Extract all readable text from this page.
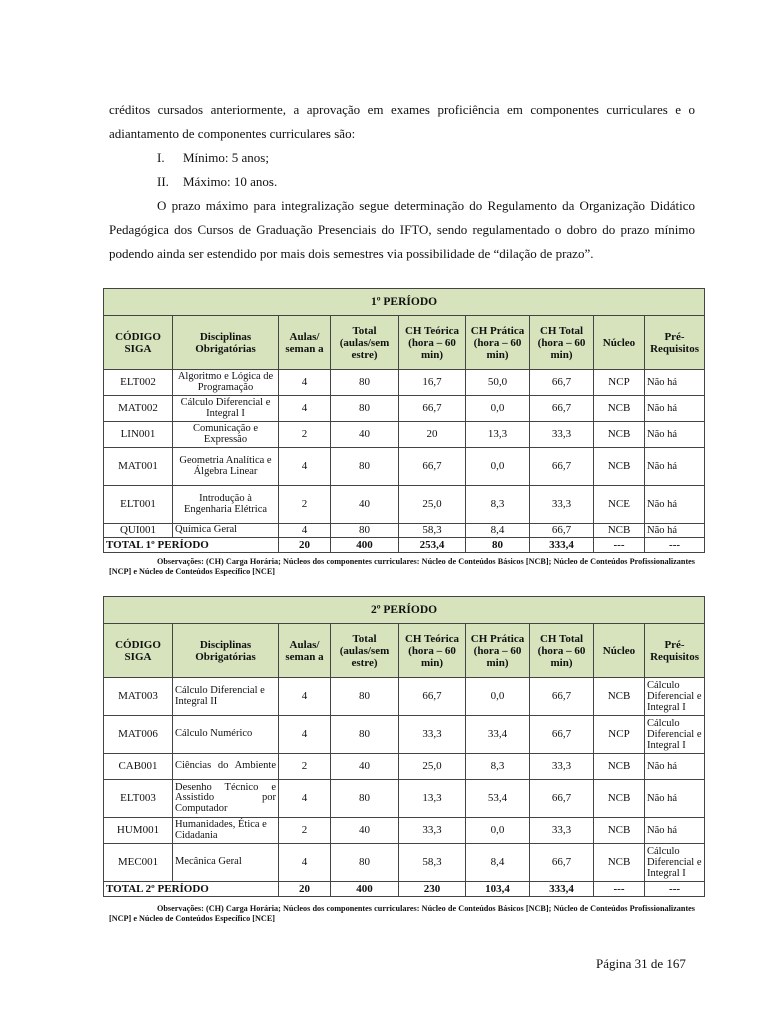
créditos cursados anteriormente, a aprovação em exames proficiência em componentes curriculares e o adiantamento de componentes curriculares são:

I. Mínimo: 5 anos;

II. Máximo: 10 anos.

O prazo máximo para integralização segue determinação do Regulamento da Organização Didático Pedagógica dos Cursos de Graduação Presenciais do IFTO, sendo regulamentado o dobro do prazo mínimo podendo ainda ser estendido por mais dois semestres via possibilidade de “dilação de prazo”.

1º PERÍODO								
CÓDIGO SIGA	Disciplinas Obrigatórias	Aulas/ seman a	Total (aulas/sem estre)	CH Teórica (hora – 60 min)	CH Prática (hora – 60 min)	CH Total (hora – 60 min)	Núcleo	Pré-Requisitos
ELT002	Algoritmo e Lógica de Programação	4	80	16,7	50,0	66,7	NCP	Não há
MAT002	Cálculo Diferencial e Integral I	4	80	66,7	0,0	66,7	NCB	Não há
LIN001	Comunicação e Expressão	2	40	20	13,3	33,3	NCB	Não há
MAT001	Geometria Analítica e Álgebra Linear	4	80	66,7	0,0	66,7	NCB	Não há
ELT001	Introdução à Engenharia Elétrica	2	40	25,0	8,3	33,3	NCE	Não há
QUI001	Química Geral	4	80	58,3	8,4	66,7	NCB	Não há
TOTAL 1º PERÍODO		20	400	253,4	80	333,4	---	---
Observações: (CH) Carga Horária; Núcleos dos componentes curriculares: Núcleo de Conteúdos Básicos [NCB]; Núcleo de Conteúdos Profissionalizantes [NCP] e Núcleo de Conteúdos Específico [NCE]
2º PERÍODO								
CÓDIGO SIGA	Disciplinas Obrigatórias	Aulas/ seman a	Total (aulas/sem estre)	CH Teórica (hora – 60 min)	CH Prática (hora – 60 min)	CH Total (hora – 60 min)	Núcleo	Pré-Requisitos
MAT003	Cálculo Diferencial e Integral II	4	80	66,7	0,0	66,7	NCB	Cálculo Diferencial e Integral I
MAT006	Cálculo Numérico	4	80	33,3	33,4	66,7	NCP	Cálculo Diferencial e Integral I
CAB001	Ciências do Ambiente	2	40	25,0	8,3	33,3	NCB	Não há
ELT003	Desenho Técnico e Assistido por Computador	4	80	13,3	53,4	66,7	NCB	Não há
HUM001	Humanidades, Ética e Cidadania	2	40	33,3	0,0	33,3	NCB	Não há
MEC001	Mecânica Geral	4	80	58,3	8,4	66,7	NCB	Cálculo Diferencial e Integral I
TOTAL 2º PERÍODO		20	400	230	103,4	333,4	---	---
Observações: (CH) Carga Horária; Núcleos dos componentes curriculares: Núcleo de Conteúdos Básicos [NCB]; Núcleo de Conteúdos Profissionalizantes [NCP] e Núcleo de Conteúdos Específico [NCE]
Página 31 de 167
